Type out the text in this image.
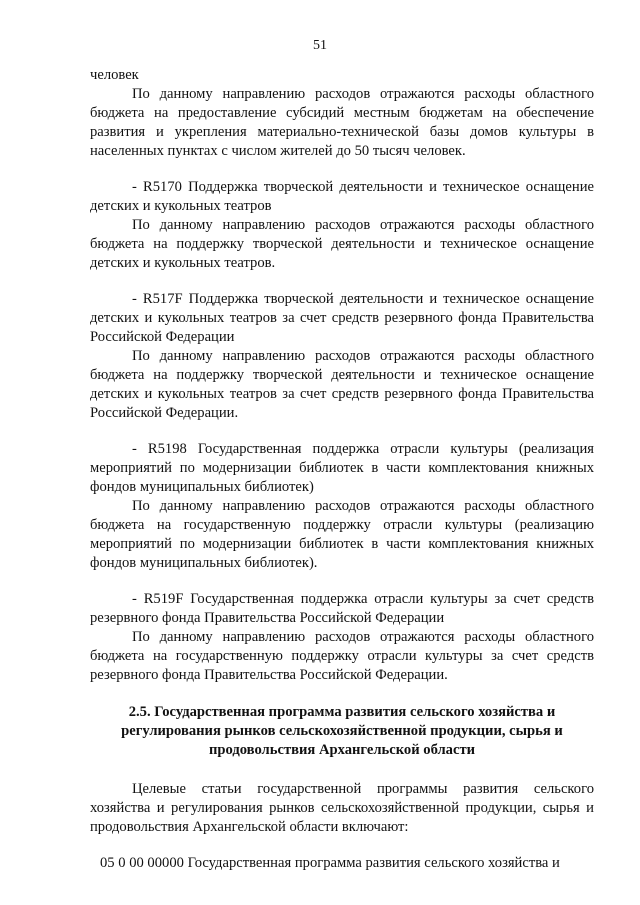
51

человек

По данному направлению расходов отражаются расходы областного бюджета на предоставление субсидий местным бюджетам на обеспечение развития и укрепления материально-технической базы домов культуры в населенных пунктах с числом жителей до 50 тысяч человек.

- R5170 Поддержка творческой деятельности и техническое оснащение детских и кукольных театров

По данному направлению расходов отражаются расходы областного бюджета на поддержку творческой деятельности и техническое оснащение детских и кукольных театров.

- R517F Поддержка творческой деятельности и техническое оснащение детских и кукольных театров за счет средств резервного фонда Правительства Российской Федерации

По данному направлению расходов отражаются расходы областного бюджета на поддержку творческой деятельности и техническое оснащение детских и кукольных театров за счет средств резервного фонда Правительства Российской Федерации.

- R5198 Государственная поддержка отрасли культуры (реализация мероприятий по модернизации библиотек в части комплектования книжных фондов муниципальных библиотек)

По данному направлению расходов отражаются расходы областного бюджета на государственную поддержку отрасли культуры (реализацию мероприятий по модернизации библиотек в части комплектования книжных фондов муниципальных библиотек).

- R519F Государственная поддержка отрасли культуры за счет средств резервного фонда Правительства Российской Федерации

По данному направлению расходов отражаются расходы областного бюджета на государственную поддержку отрасли культуры за счет средств резервного фонда Правительства Российской Федерации.

2.5. Государственная программа развития сельского хозяйства и регулирования рынков сельскохозяйственной продукции, сырья и продовольствия Архангельской области

Целевые статьи государственной программы развития сельского хозяйства и регулирования рынков сельскохозяйственной продукции, сырья и продовольствия Архангельской области включают:

05 0 00 00000 Государственная программа развития сельского хозяйства и
